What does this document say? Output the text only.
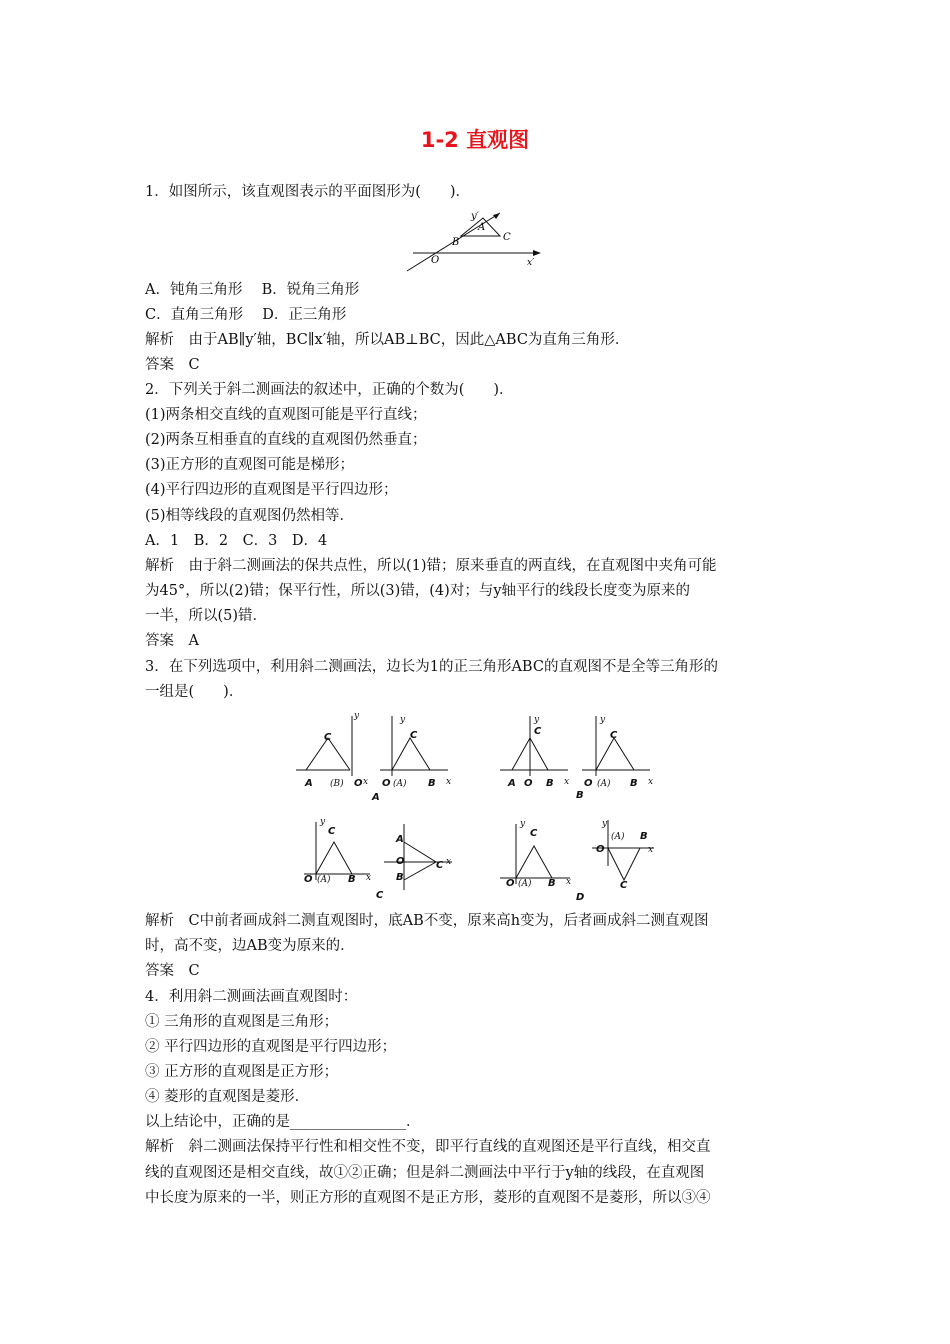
1-2 直观图
1．如图所示，该直观图表示的平面图形为(　　)．
y′
A
B	C
O	x′
A．钝角三角形　 B．锐角三角形
C．直角三角形　 D．正三角形
解析　由于AB∥y′轴，BC∥x′轴，所以AB⊥BC，因此△ABC为直角三角形．
答案　C
2．下列关于斜二测画法的叙述中，正确的个数为(　　)．
(1)两条相交直线的直观图可能是平行直线；
(2)两条互相垂直的直线的直观图仍然垂直；
(3)正方形的直观图可能是梯形；
(4)平行四边形的直观图是平行四边形；
(5)相等线段的直观图仍然相等．
A．1　B．2　C．3　D．4
解析　由于斜二测画法的保共点性，所以(1)错；原来垂直的两直线，在直观图中夹角可能
为45°，所以(2)错；保平行性，所以(3)错，(4)对；与y轴平行的线段长度变为原来的
一半，所以(5)错．
答案　A
3．在下列选项中，利用斜二测画法，边长为1的正三角形ABC的直观图不是全等三角形的
一组是(　　)．
C
y
A (B) O x
y
C
O (A) B x
A
y
C
A O B x
B
y
C
O (A) B x
y
C
O (A) B x
A
O
B
C x
C
y
C
O (A) B x
D
y
(A) B
O	x
C
解析　C中前者画成斜二测直观图时，底AB不变，原来高h变为，后者画成斜二测直观图
时，高不变，边AB变为原来的．
答案　C
4．利用斜二测画法画直观图时：
① 三角形的直观图是三角形；
② 平行四边形的直观图是平行四边形；
③ 正方形的直观图是正方形；
④ 菱形的直观图是菱形．
以上结论中，正确的是________________．
解析　斜二测画法保持平行性和相交性不变，即平行直线的直观图还是平行直线，相交直
线的直观图还是相交直线，故①②正确；但是斜二测画法中平行于y轴的线段，在直观图
中长度为原来的一半，则正方形的直观图不是正方形，菱形的直观图不是菱形，所以③④
